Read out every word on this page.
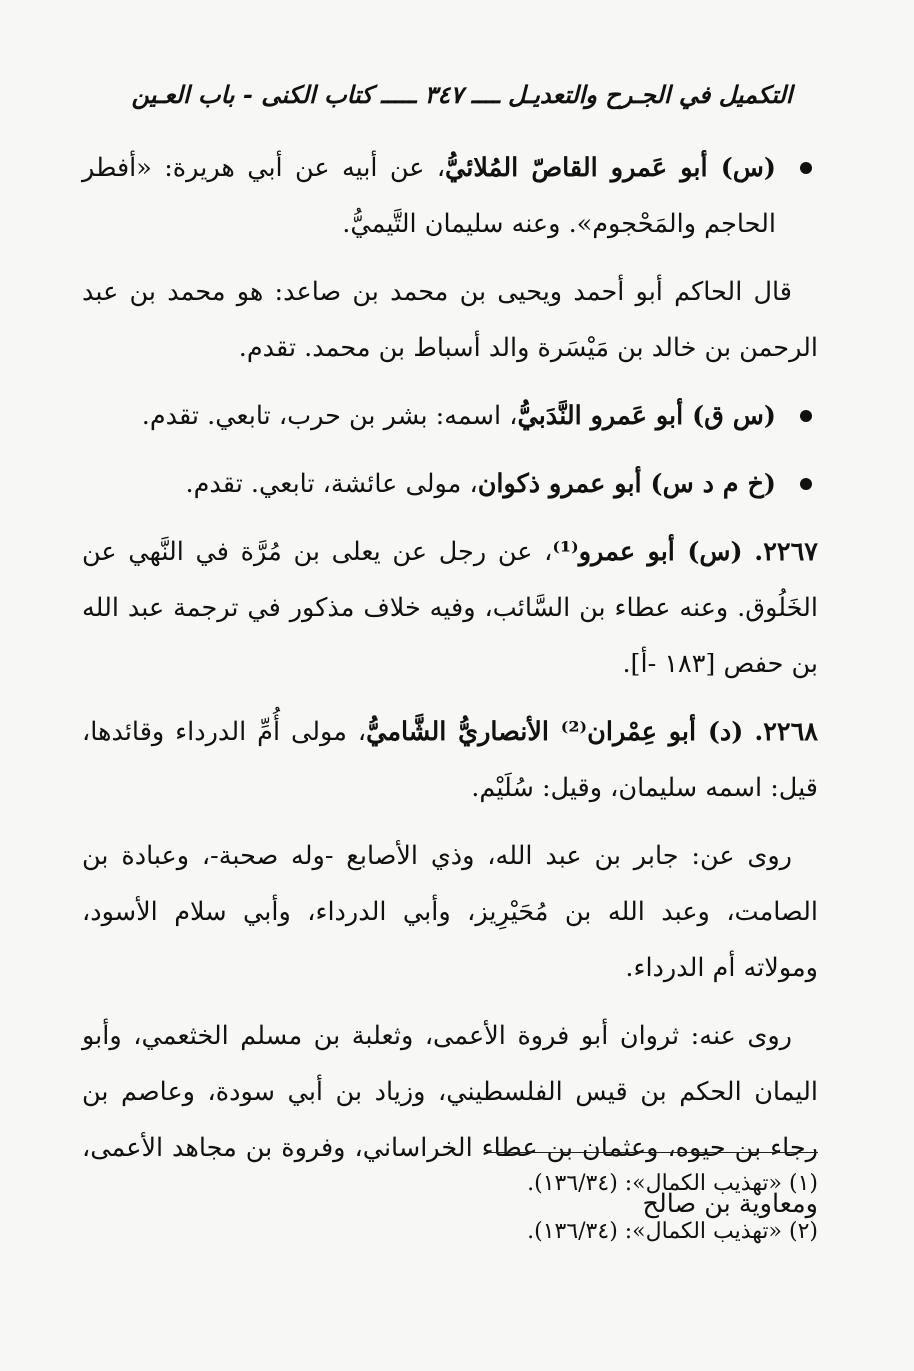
التكميل في الجـرح والتعديـل ــــ ٣٤٧ ـــــ كتاب الكنى - باب العـين

(س) أبو عَمرو القاصّ المُلائيُّ، عن أبيه عن أبي هريرة: «أفطر الحاجم والمَحْجوم». وعنه سليمان التَّيميُّ.

قال الحاكم أبو أحمد ويحيى بن محمد بن صاعد: هو محمد بن عبد الرحمن بن خالد بن مَيْسَرة والد أسباط بن محمد. تقدم.

(س ق) أبو عَمرو النَّدَبيُّ، اسمه: بشر بن حرب، تابعي. تقدم.

(خ م د س) أبو عمرو ذكوان، مولى عائشة، تابعي. تقدم.

٢٢٦٧. (س) أبو عمرو⁽¹⁾، عن رجل عن يعلى بن مُرَّة في النَّهي عن الخَلُوق. وعنه عطاء بن السَّائب، وفيه خلاف مذكور في ترجمة عبد الله بن حفص [١٨٣ -أ].

٢٢٦٨. (د) أبو عِمْران⁽²⁾ الأنصاريُّ الشَّاميُّ، مولى أُمِّ الدرداء وقائدها، قيل: اسمه سليمان، وقيل: سُلَيْم.

روى عن: جابر بن عبد الله، وذي الأصابع -وله صحبة-، وعبادة بن الصامت، وعبد الله بن مُحَيْرِيز، وأبي الدرداء، وأبي سلام الأسود، ومولاته أم الدرداء.

روى عنه: ثروان أبو فروة الأعمى، وثعلبة بن مسلم الخثعمي، وأبو اليمان الحكم بن قيس الفلسطيني، وزياد بن أبي سودة، وعاصم بن رجاء بن حيوه، وعثمان بن عطاء الخراساني، وفروة بن مجاهد الأعمى، ومعاوية بن صالح

(١) «تهذيب الكمال»: (١٣٦/٣٤).

(٢) «تهذيب الكمال»: (١٣٦/٣٤).
